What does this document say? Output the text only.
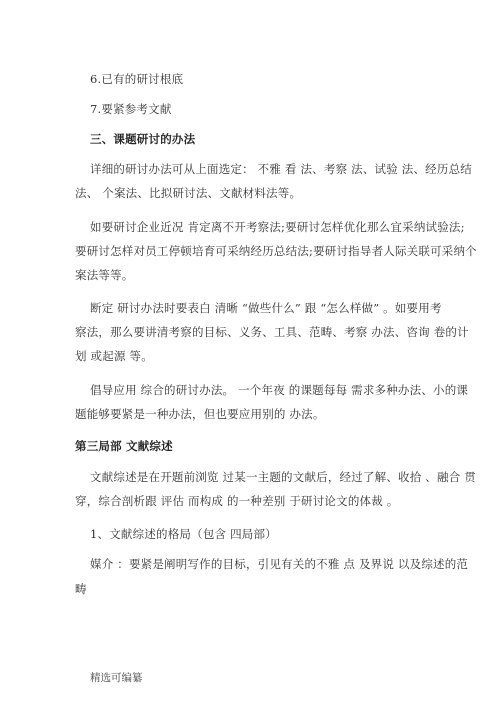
6.已有的研讨根底
7.要紧参考文献
三、课题研讨的办法
详细的研讨办法可从上面选定： 不雅 看 法、考察 法、试验 法、经历总结
法、 个案法、比拟研讨法、文献材料法等。
如要研讨企业近况 肯定离不开考察法;要研讨怎样优化那么宜采纳试验法;
要研讨怎样对员工停顿培育可采纳经历总结法;要研讨指导者人际关联可采纳个
案法等等。
断定 研讨办法时要表白 清晰 “做些什么” 跟 “怎么样做” 。如要用考
察法，那么要讲清考察的目标、义务、工具、范畴、考察 办法、咨询 卷的计
划 或起源 等。
倡导应用 综合的研讨办法。 一个年夜 的课题每每 需求多种办法、小的课
题能够要紧是一种办法，但也要应用别的 办法。
第三局部 文献综述
文献综述是在开题前浏览 过某一主题的文献后，经过了解、收拾 、融合 贯
穿，综合剖析跟 评估 而构成 的一种差别 于研讨论文的体裁 。
1、文献综述的格局（包含 四局部）
媒介 ：要紧是阐明写作的目标，引见有关的不雅 点 及界说 以及综述的范
畴
精选可编纂
